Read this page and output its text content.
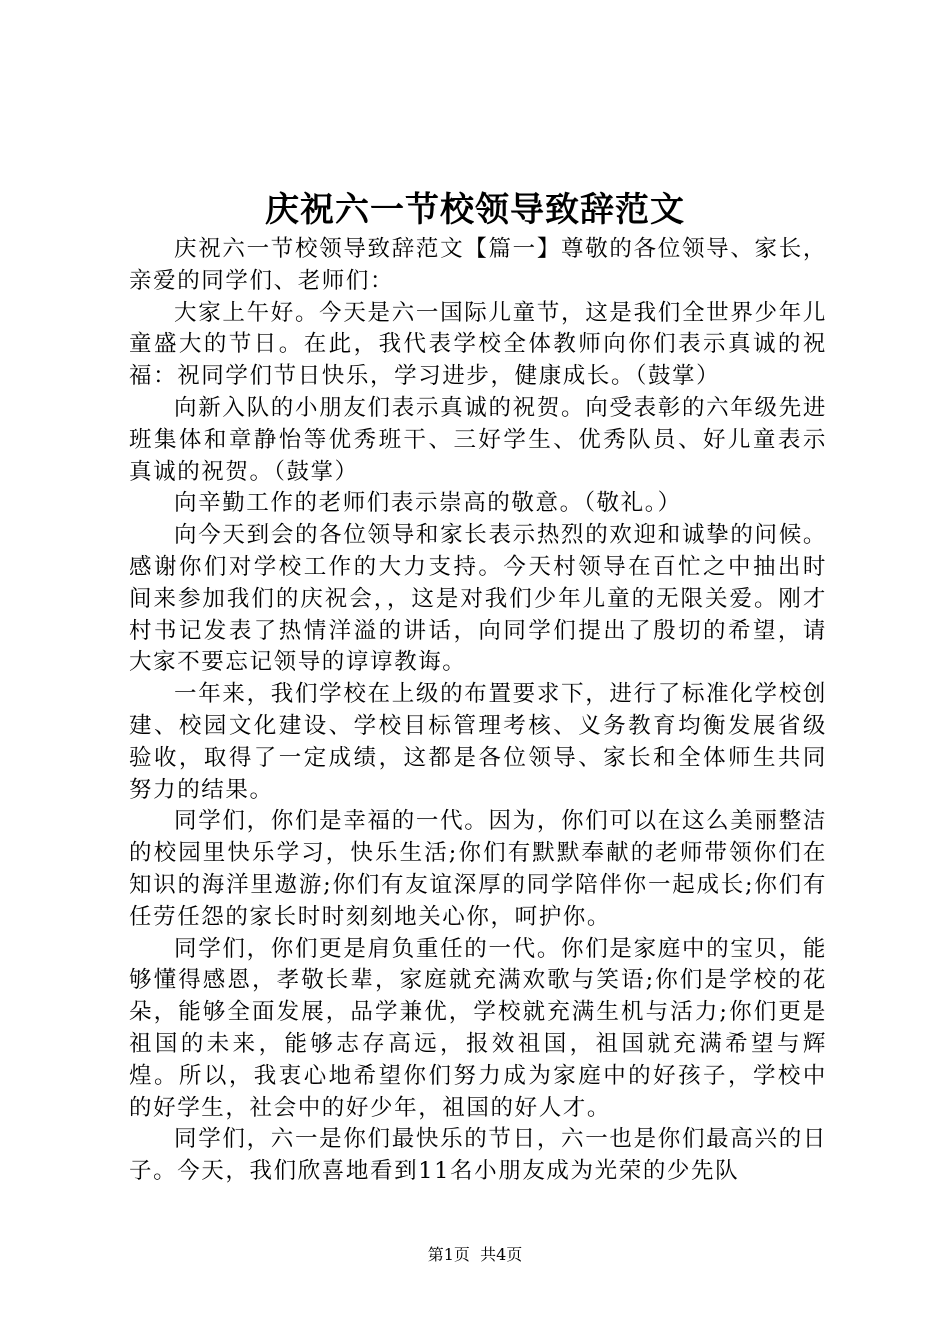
庆祝六一节校领导致辞范文

庆祝六一节校领导致辞范文【篇一】尊敬的各位领导、家长，亲爱的同学们、老师们：

大家上午好。今天是六一国际儿童节，这是我们全世界少年儿童盛大的节日。在此，我代表学校全体教师向你们表示真诚的祝福：祝同学们节日快乐，学习进步，健康成长。（鼓掌）

向新入队的小朋友们表示真诚的祝贺。向受表彰的六年级先进班集体和章静怡等优秀班干、三好学生、优秀队员、好儿童表示真诚的祝贺。（鼓掌）

向辛勤工作的老师们表示崇高的敬意。（敬礼。）

向今天到会的各位领导和家长表示热烈的欢迎和诚挚的问候。感谢你们对学校工作的大力支持。今天村领导在百忙之中抽出时间来参加我们的庆祝会，，这是对我们少年儿童的无限关爱。刚才村书记发表了热情洋溢的讲话，向同学们提出了殷切的希望，请大家不要忘记领导的谆谆教诲。

一年来，我们学校在上级的布置要求下，进行了标准化学校创建、校园文化建设、学校目标管理考核、义务教育均衡发展省级验收，取得了一定成绩，这都是各位领导、家长和全体师生共同努力的结果。

同学们，你们是幸福的一代。因为，你们可以在这么美丽整洁的校园里快乐学习，快乐生活;你们有默默奉献的老师带领你们在知识的海洋里遨游;你们有友谊深厚的同学陪伴你一起成长;你们有任劳任怨的家长时时刻刻地关心你，呵护你。

同学们，你们更是肩负重任的一代。你们是家庭中的宝贝，能够懂得感恩，孝敬长辈，家庭就充满欢歌与笑语;你们是学校的花朵，能够全面发展，品学兼优，学校就充满生机与活力;你们更是祖国的未来，能够志存高远，报效祖国，祖国就充满希望与辉煌。所以，我衷心地希望你们努力成为家庭中的好孩子，学校中的好学生，社会中的好少年，祖国的好人才。

同学们，六一是你们最快乐的节日，六一也是你们最高兴的日子。今天，我们欣喜地看到11名小朋友成为光荣的少先队

第1页 共4页
